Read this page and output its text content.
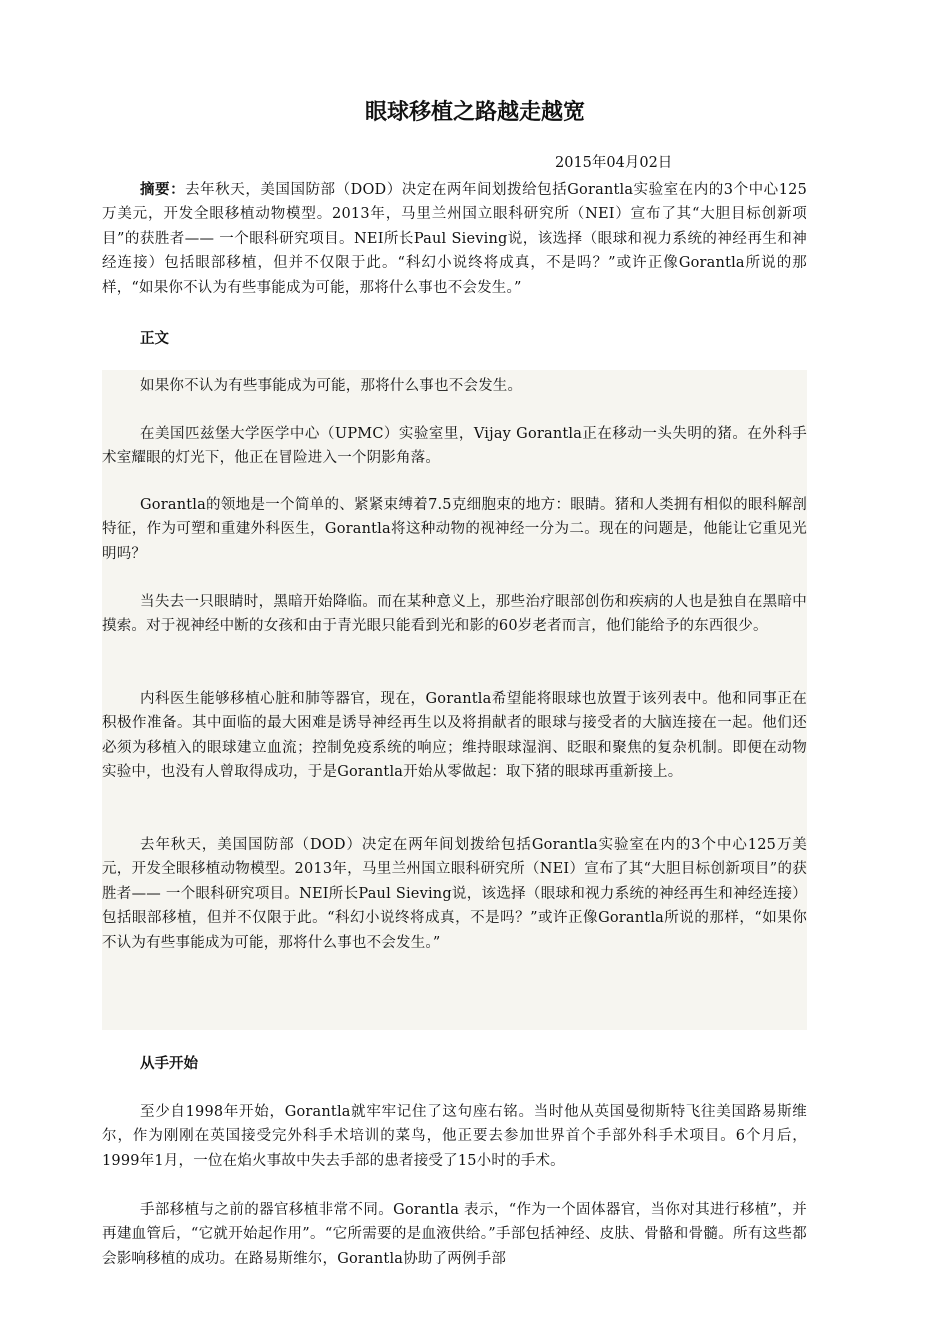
眼球移植之路越走越宽
2015年04月02日
摘要：去年秋天，美国国防部（DOD）决定在两年间划拨给包括Gorantla实验室在内的3个中心125万美元，开发全眼移植动物模型。2013年，马里兰州国立眼科研究所（NEI）宣布了其“大胆目标创新项目”的获胜者—— 一个眼科研究项目。NEI所长Paul Sieving说，该选择（眼球和视力系统的神经再生和神经连接）包括眼部移植，但并不仅限于此。“科幻小说终将成真，不是吗？”或许正像Gorantla所说的那样，“如果你不认为有些事能成为可能，那将什么事也不会发生。”
正文

如果你不认为有些事能成为可能，那将什么事也不会发生。

在美国匹兹堡大学医学中心（UPMC）实验室里，Vijay Gorantla正在移动一头失明的猪。在外科手术室耀眼的灯光下，他正在冒险进入一个阴影角落。

Gorantla的领地是一个简单的、紧紧束缚着7.5克细胞束的地方：眼睛。猪和人类拥有相似的眼科解剖特征，作为可塑和重建外科医生，Gorantla将这种动物的视神经一分为二。现在的问题是，他能让它重见光明吗？

当失去一只眼睛时，黑暗开始降临。而在某种意义上，那些治疗眼部创伤和疾病的人也是独自在黑暗中摸索。对于视神经中断的女孩和由于青光眼只能看到光和影的60岁老者而言，他们能给予的东西很少。

内科医生能够移植心脏和肺等器官，现在，Gorantla希望能将眼球也放置于该列表中。他和同事正在积极作准备。其中面临的最大困难是诱导神经再生以及将捐献者的眼球与接受者的大脑连接在一起。他们还必须为移植入的眼球建立血流；控制免疫系统的响应；维持眼球湿润、眨眼和聚焦的复杂机制。即便在动物实验中，也没有人曾取得成功，于是Gorantla开始从零做起：取下猪的眼球再重新接上。

去年秋天，美国国防部（DOD）决定在两年间划拨给包括Gorantla实验室在内的3个中心125万美元，开发全眼移植动物模型。2013年，马里兰州国立眼科研究所（NEI）宣布了其“大胆目标创新项目”的获胜者—— 一个眼科研究项目。NEI所长Paul Sieving说，该选择（眼球和视力系统的神经再生和神经连接）包括眼部移植，但并不仅限于此。“科幻小说终将成真，不是吗？”或许正像Gorantla所说的那样，“如果你不认为有些事能成为可能，那将什么事也不会发生。”

从手开始

至少自1998年开始，Gorantla就牢牢记住了这句座右铭。当时他从英国曼彻斯特飞往美国路易斯维尔，作为刚刚在英国接受完外科手术培训的菜鸟，他正要去参加世界首个手部外科手术项目。6个月后，1999年1月，一位在焰火事故中失去手部的患者接受了15小时的手术。

手部移植与之前的器官移植非常不同。Gorantla 表示，“作为一个固体器官，当你对其进行移植”，并再建血管后，“它就开始起作用”。“它所需要的是血液供给。”手部包括神经、皮肤、骨骼和骨髓。所有这些都会影响移植的成功。在路易斯维尔，Gorantla协助了两例手部
